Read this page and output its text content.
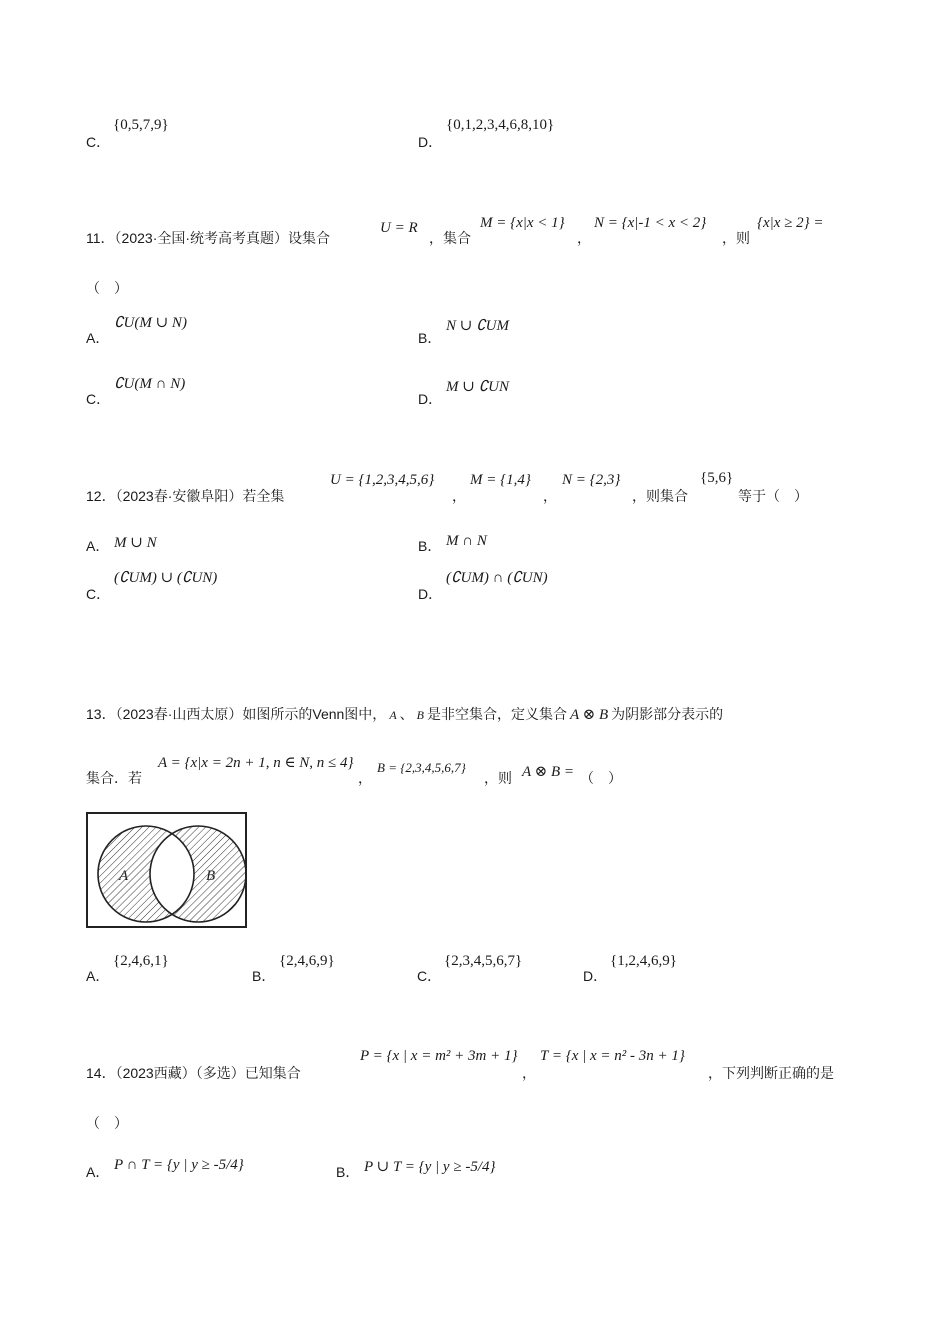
C．
{0,5,7,9}
D．
{0,1,2,3,4,6,8,10}
11．（2023·全国·统考高考真题）设集合
U = R
，集合
M = {x|x < 1}
，
N = {x|-1 < x < 2}
，则
{x|x ≥ 2} =
（　）
A．
∁U(M ∪ N)
B．
N ∪ ∁UM
C．
∁U(M ∩ N)
D．
M ∪ ∁UN
12．（2023春·安徽阜阳）若全集
U = {1,2,3,4,5,6}
，
M = {1,4}
，
N = {2,3}
，则集合
{5,6}
等于（　）
A． M ∪ N	B． M ∩ N
C．
(∁UM) ∪ (∁UN)
D．
(∁UM) ∩ (∁UN)
13．（2023春·山西太原）如图所示的Venn图中， A 、 B 是非空集合，定义集合 A ⊗ B 为阴影部分表示的
集合．若
A = {x|x = 2n + 1, n ∈ N, n ≤ 4}
，
B = {2,3,4,5,6,7}
，则 A ⊗ B = （　）
A	B
A．
{2,4,6,1}
B．
{2,4,6,9}
C．
{2,3,4,5,6,7}
D．
{1,2,4,6,9}
14．（2023西藏）（多选）已知集合
P = {x | x = m² + 3m + 1}
，
T = {x | x = n² - 3n + 1}
，下列判断正确的是
（　）
A． P ∩ T = {y | y ≥ -5/4}	B． P ∪ T = {y | y ≥ -5/4}
